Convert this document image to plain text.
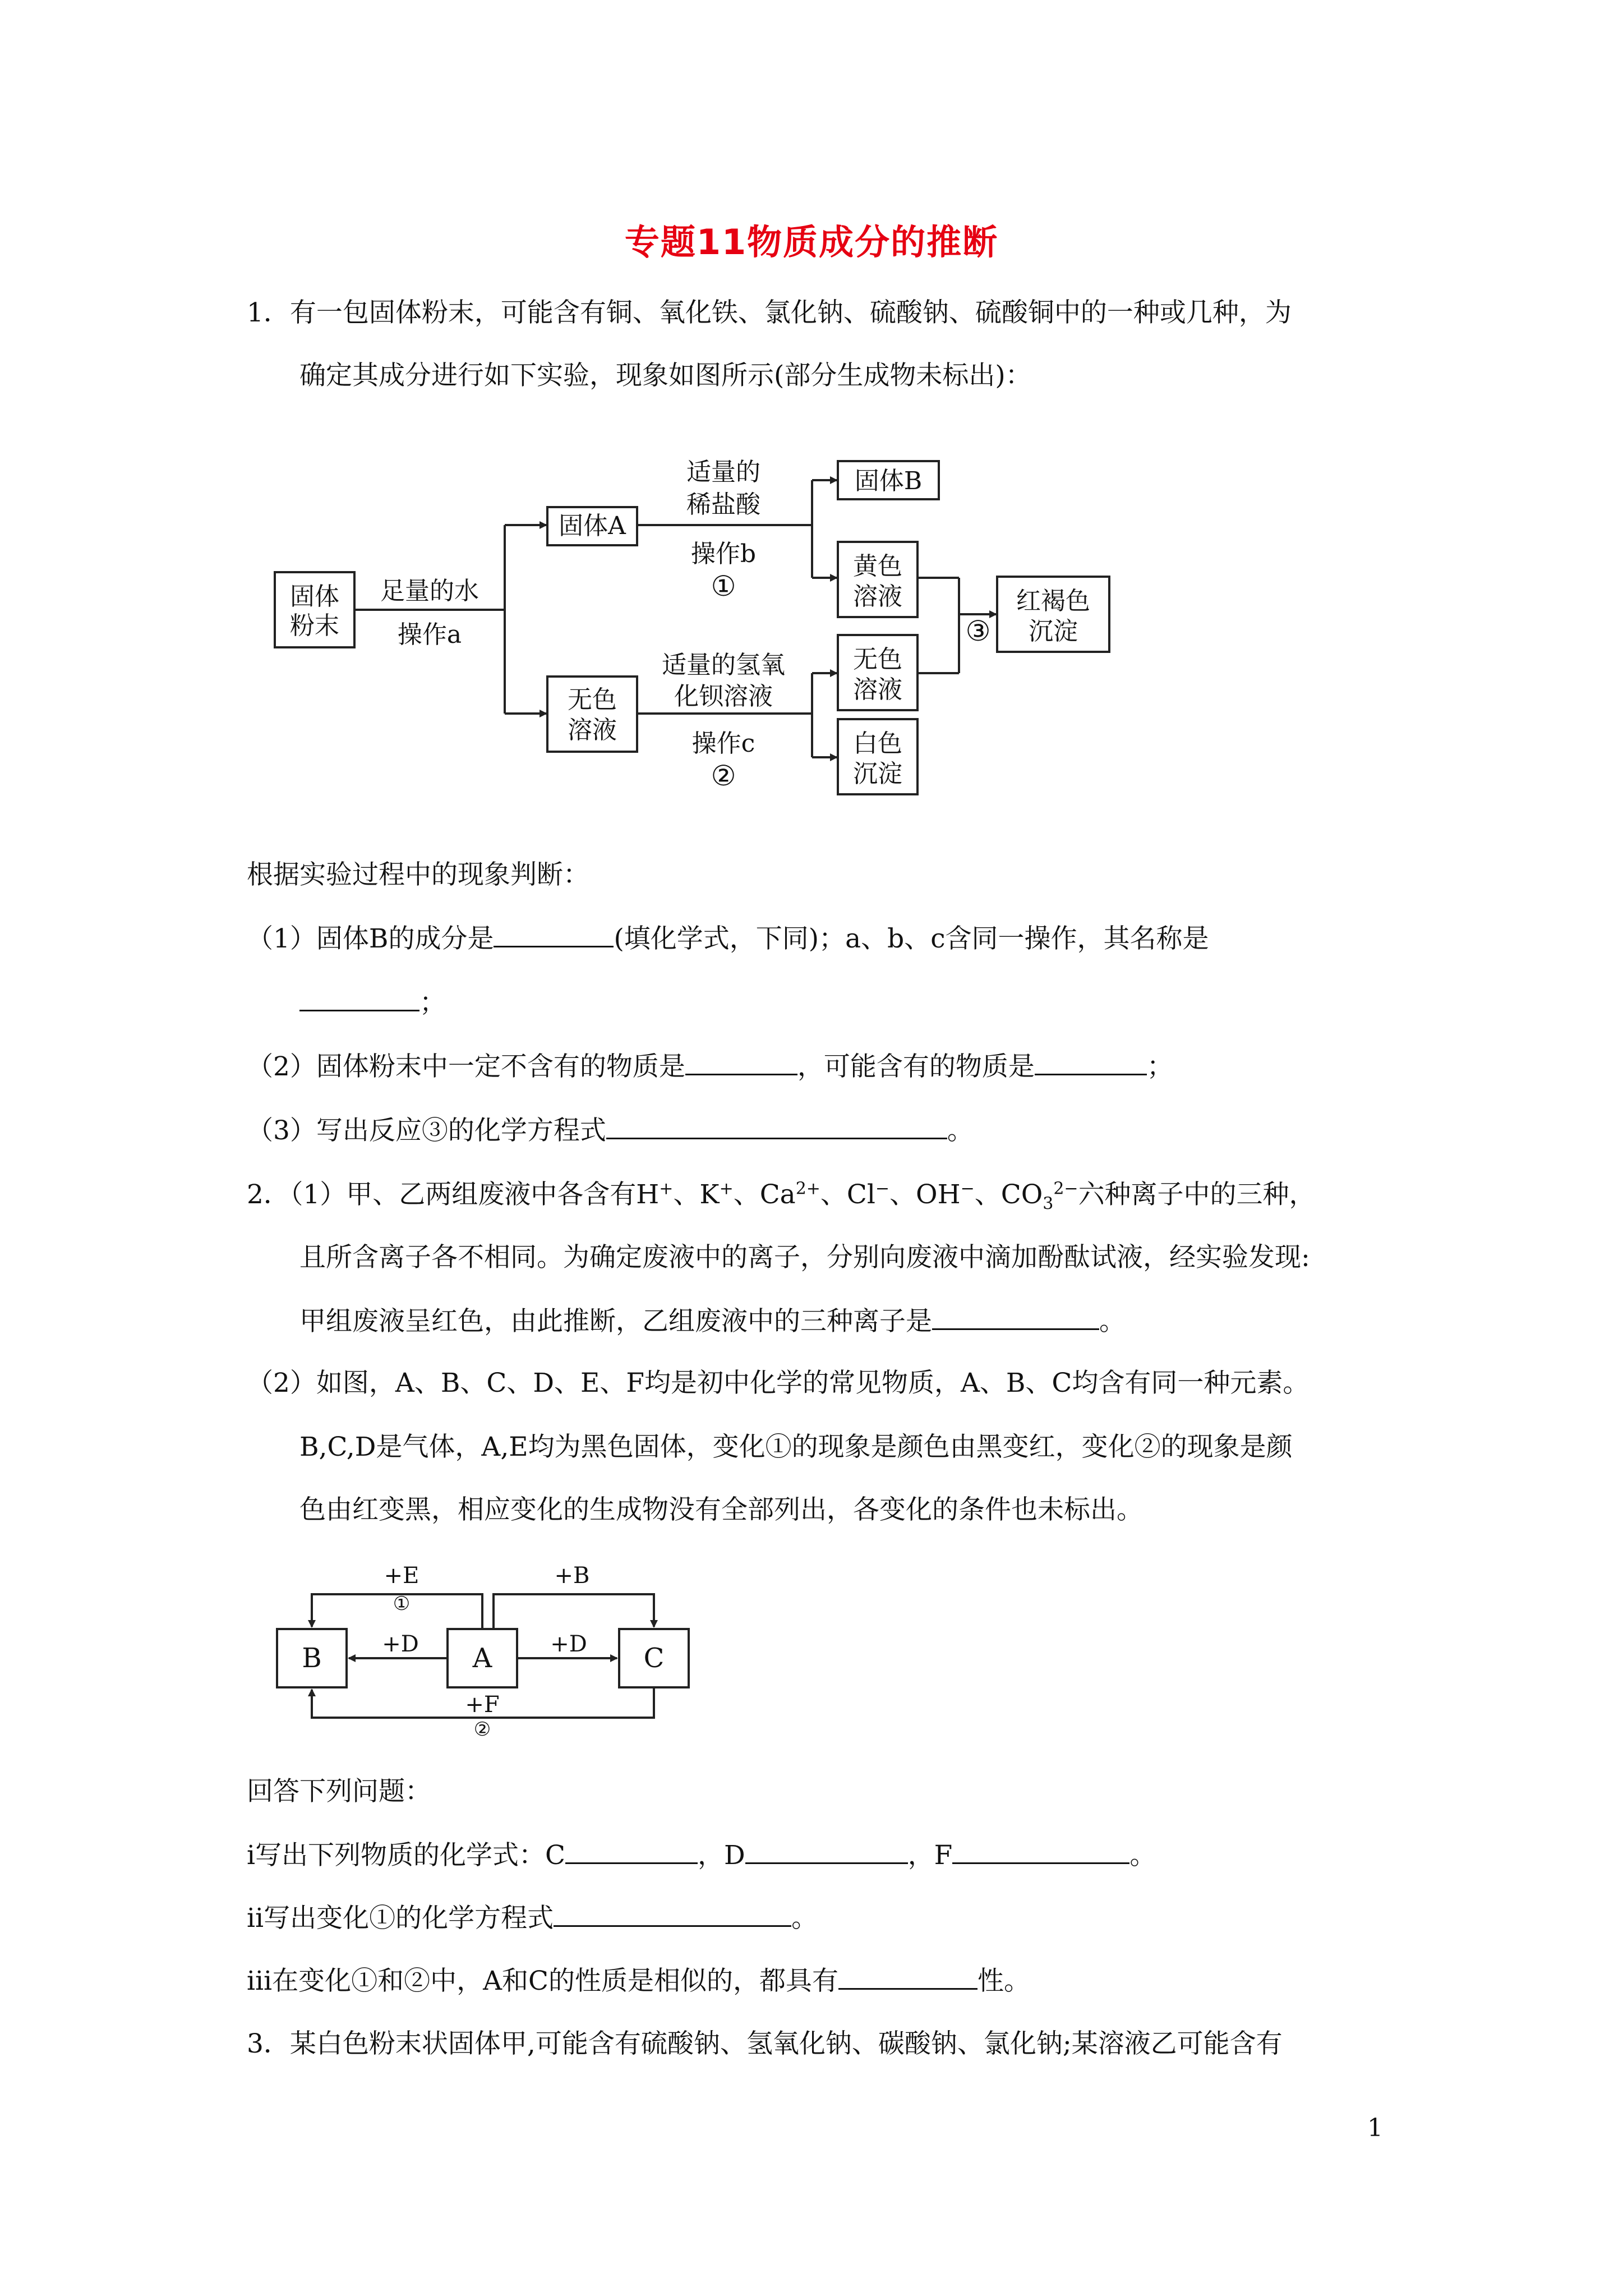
专题11物质成分的推断
1．有一包固体粉末，可能含有铜、氧化铁、氯化钠、硫酸钠、硫酸铜中的一种或几种，为
确定其成分进行如下实验，现象如图所示(部分生成物未标出)：
固体
粉末
足量的水
操作a
固体A
无色
溶液
适量的
稀盐酸
操作b
①
固体B
黄色
溶液
③
红褐色
沉淀
适量的氢氧
化钡溶液
操作c
②
无色
溶液
白色
沉淀
根据实验过程中的现象判断：
（1）固体B的成分是	(填化学式，下同)；a、b、c含同一操作，其名称是
；
（2）固体粉末中一定不含有的物质是	，可能含有的物质是	；
（3）写出反应③的化学方程式	。
2．（1）甲、乙两组废液中各含有H+、K+、$Ca^{2+}$、Cl−、OH−、$CO_3^{2-}$六种离子中的三种，
且所含离子各不相同。为确定废液中的离子，分别向废液中滴加酚酞试液，经实验发现:
甲组废液呈红色，由此推断，乙组废液中的三种离子是	。
（2）如图，A、B、C、D、E、F均是初中化学的常见物质，A、B、C均含有同一种元素。
B,C,D是气体，A,E均为黑色固体，变化①的现象是颜色由黑变红，变化②的现象是颜
色由红变黑，相应变化的生成物没有全部列出，各变化的条件也未标出。
B	A	C
+E
①
+B
+D	+D
+F
②
回答下列问题：
ⅰ写出下列物质的化学式：C	，D	，F	。
ⅱ写出变化①的化学方程式	。
ⅲ在变化①和②中，A和C的性质是相似的，都具有	性。
3．某白色粉末状固体甲,可能含有硫酸钠、氢氧化钠、碳酸钠、氯化钠;某溶液乙可能含有
1
